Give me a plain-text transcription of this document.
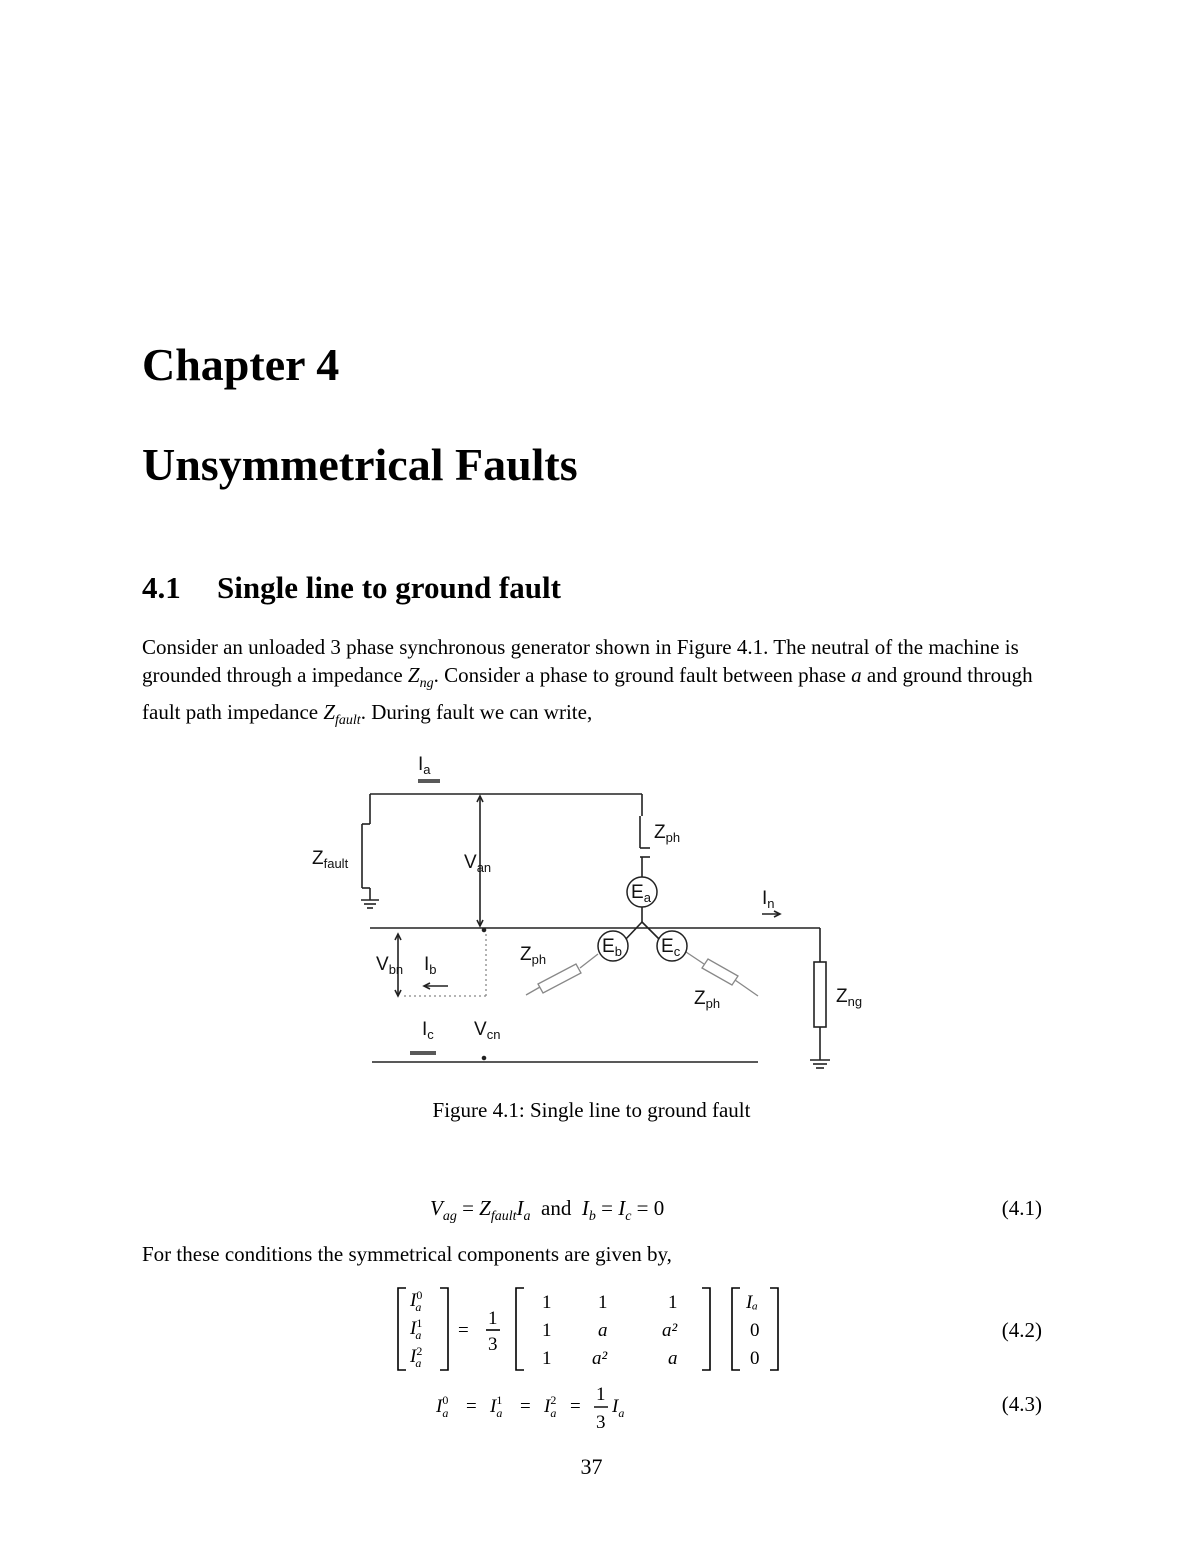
Chapter 4
Unsymmetrical Faults
4.1 Single line to ground fault

Consider an unloaded 3 phase synchronous generator shown in Figure 4.1. The neutral of the machine is grounded through a impedance $Z_{ng}$. Consider a phase to ground fault between phase a and ground through fault path impedance $Z_{fault}$. During fault we can write,

$I_a$
$Z_{ph}$
$Z_{fault}$	$V_{an}$
$E_a$	$I_n$
$V_{bn}$ $I_b$
$Z_{ph}$
$E_b$ $E_c$
$Z_{ph}$	$Z_{ng}$
$I_c$ $V_{cn}$
Figure 4.1: Single line to ground fault
$V_{ag} = Z_{fault}I_a$ and $I_b = I_c = 0$	(4.1)

For these conditions the symmetrical components are given by,

$I^0$ a
$I^1$ a
$I^2$ a
=
1
3
1 1	1
1 a	a²
1 a²	a
Iₐ
0
0
(4.2)
$I^0$ $a = I^1$ $a = I^2$ a =
1
3
$I_a$	(4.3)
37
